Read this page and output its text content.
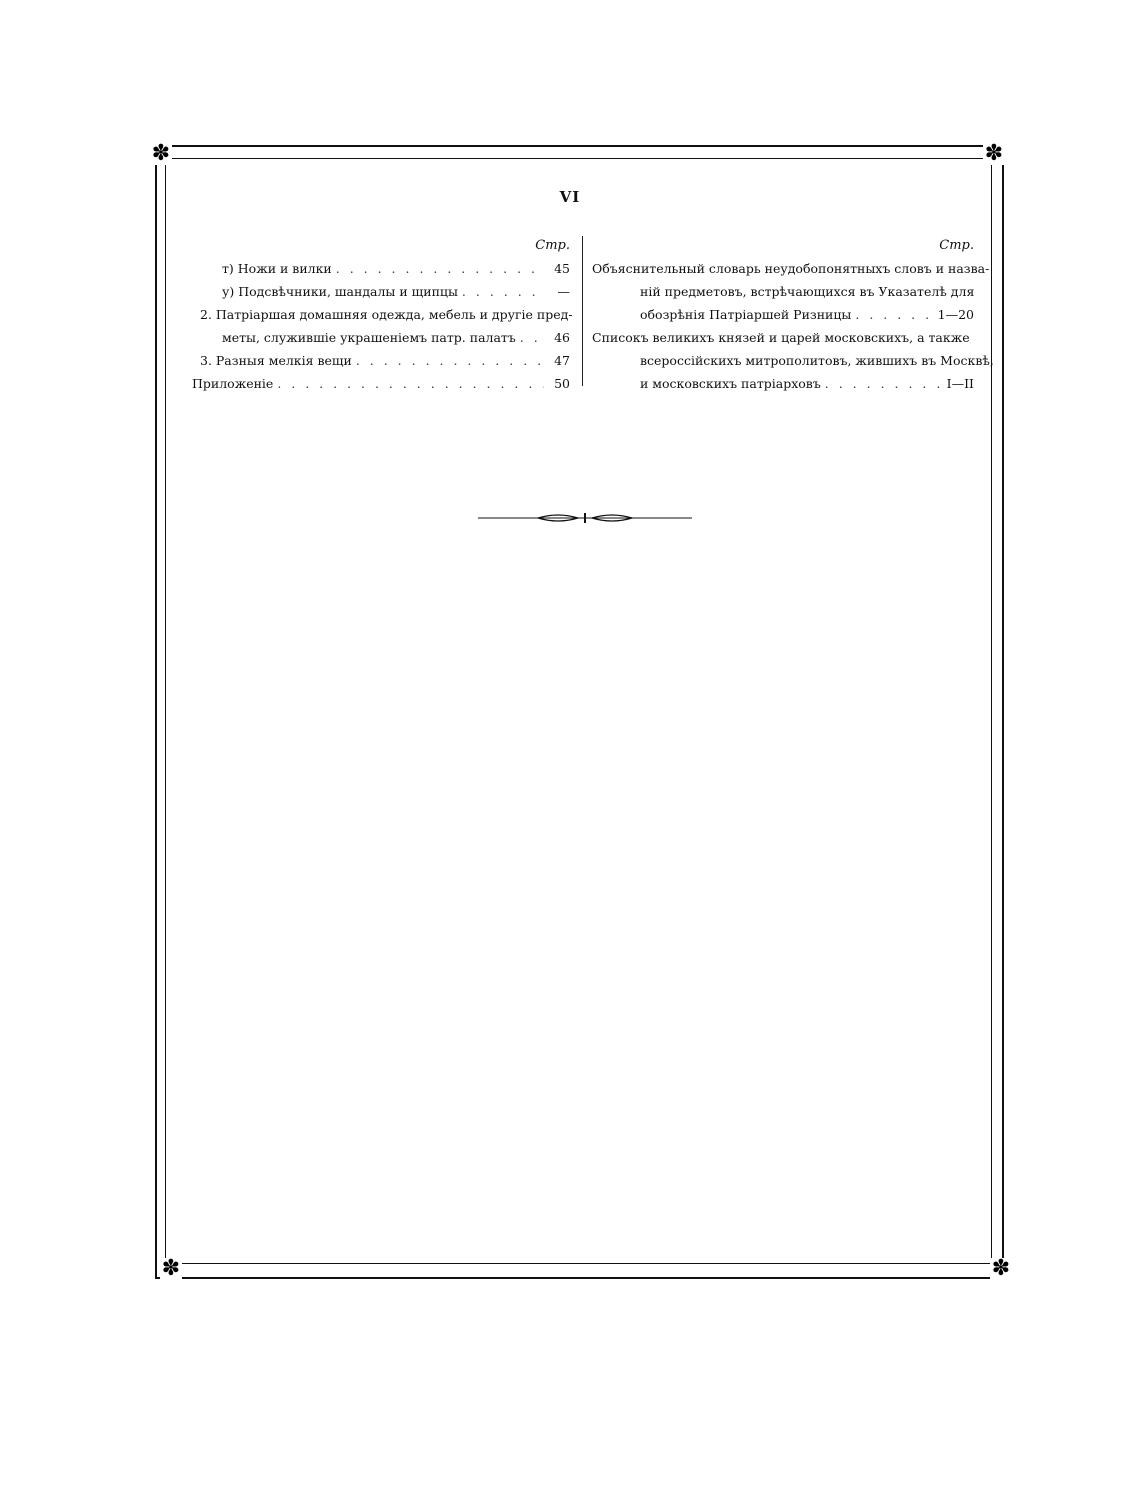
✽	✽
✽	✽
VI
Стр.
т) Ножи и вилки . . .	45
у) Подсвѣчники, шандалы и щипцы . . .	—
2. Патріаршая домашняя одежда, мебель и другіе пред-
меты, служившіе украшеніемъ патр. палатъ . . .	46
3. Разныя мелкія вещи . . .	47
Приложеніе . . .	50
Стр.
Объяснительный словарь неудобопонятныхъ словъ и назва-
ній предметовъ, встрѣчающихся въ Указателѣ для
обозрѣнія Патріаршей Ризницы . . .	1—20
Списокъ великихъ князей и царей московскихъ, а также
всероссійскихъ митрополитовъ, жившихъ въ Москвѣ,
и московскихъ патріарховъ . . .	I—II
